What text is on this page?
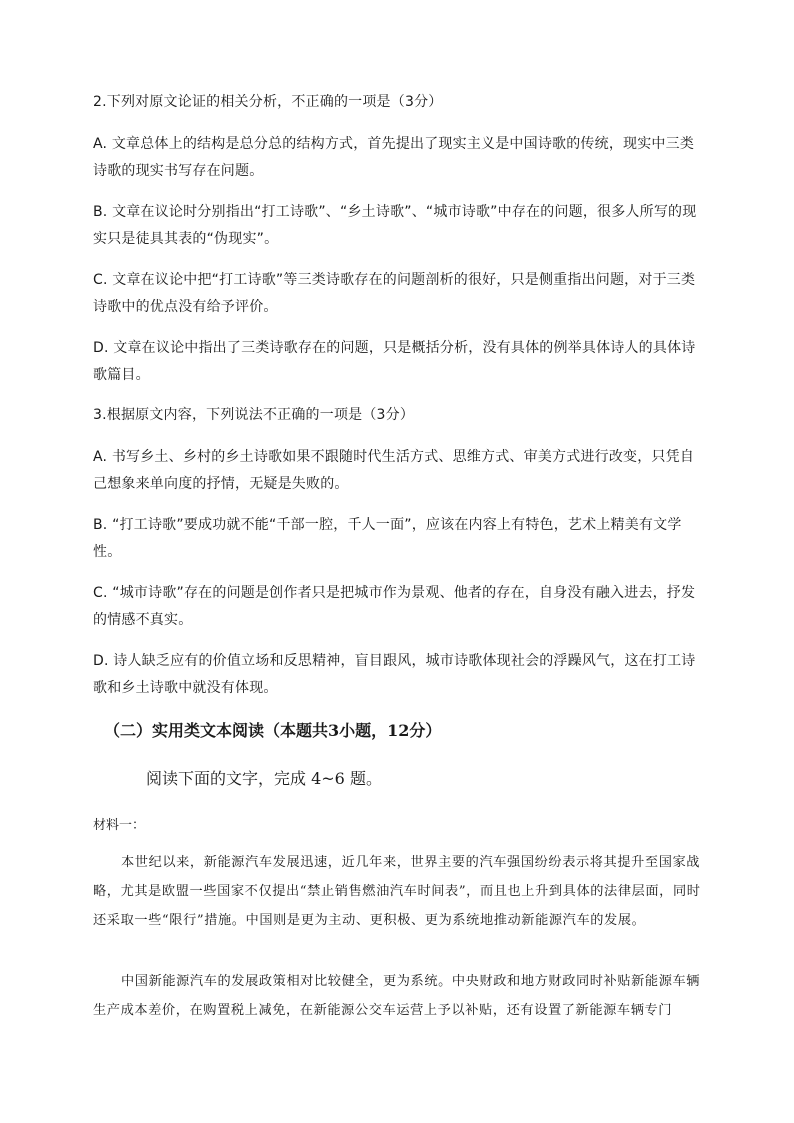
2.下列对原文论证的相关分析，不正确的一项是（3分）

A. 文章总体上的结构是总分总的结构方式，首先提出了现实主义是中国诗歌的传统，现实中三类诗歌的现实书写存在问题。

B. 文章在议论时分别指出“打工诗歌”、“乡土诗歌”、“城市诗歌”中存在的问题，很多人所写的现实只是徒具其表的“伪现实”。

C. 文章在议论中把“打工诗歌”等三类诗歌存在的问题剖析的很好，只是侧重指出问题，对于三类诗歌中的优点没有给予评价。

D. 文章在议论中指出了三类诗歌存在的问题，只是概括分析，没有具体的例举具体诗人的具体诗歌篇目。

3.根据原文内容，下列说法不正确的一项是（3分）

A. 书写乡土、乡村的乡土诗歌如果不跟随时代生活方式、思维方式、审美方式进行改变，只凭自己想象来单向度的抒情，无疑是失败的。

B. “打工诗歌”要成功就不能“千部一腔，千人一面”，应该在内容上有特色，艺术上精美有文学性。

C. “城市诗歌”存在的问题是创作者只是把城市作为景观、他者的存在，自身没有融入进去，抒发的情感不真实。

D. 诗人缺乏应有的价值立场和反思精神，盲目跟风，城市诗歌体现社会的浮躁风气，这在打工诗歌和乡土诗歌中就没有体现。

（二）实用类文本阅读（本题共3小题，12分）
阅读下面的文字，完成 4~6 题。
材料一：

本世纪以来，新能源汽车发展迅速，近几年来，世界主要的汽车强国纷纷表示将其提升至国家战略，尤其是欧盟一些国家不仅提出“禁止销售燃油汽车时间表”，而且也上升到具体的法律层面，同时还采取一些“限行”措施。中国则是更为主动、更积极、更为系统地推动新能源汽车的发展。

中国新能源汽车的发展政策相对比较健全，更为系统。中央财政和地方财政同时补贴新能源车辆生产成本差价，在购置税上减免，在新能源公交车运营上予以补贴，还有设置了新能源车辆专门
